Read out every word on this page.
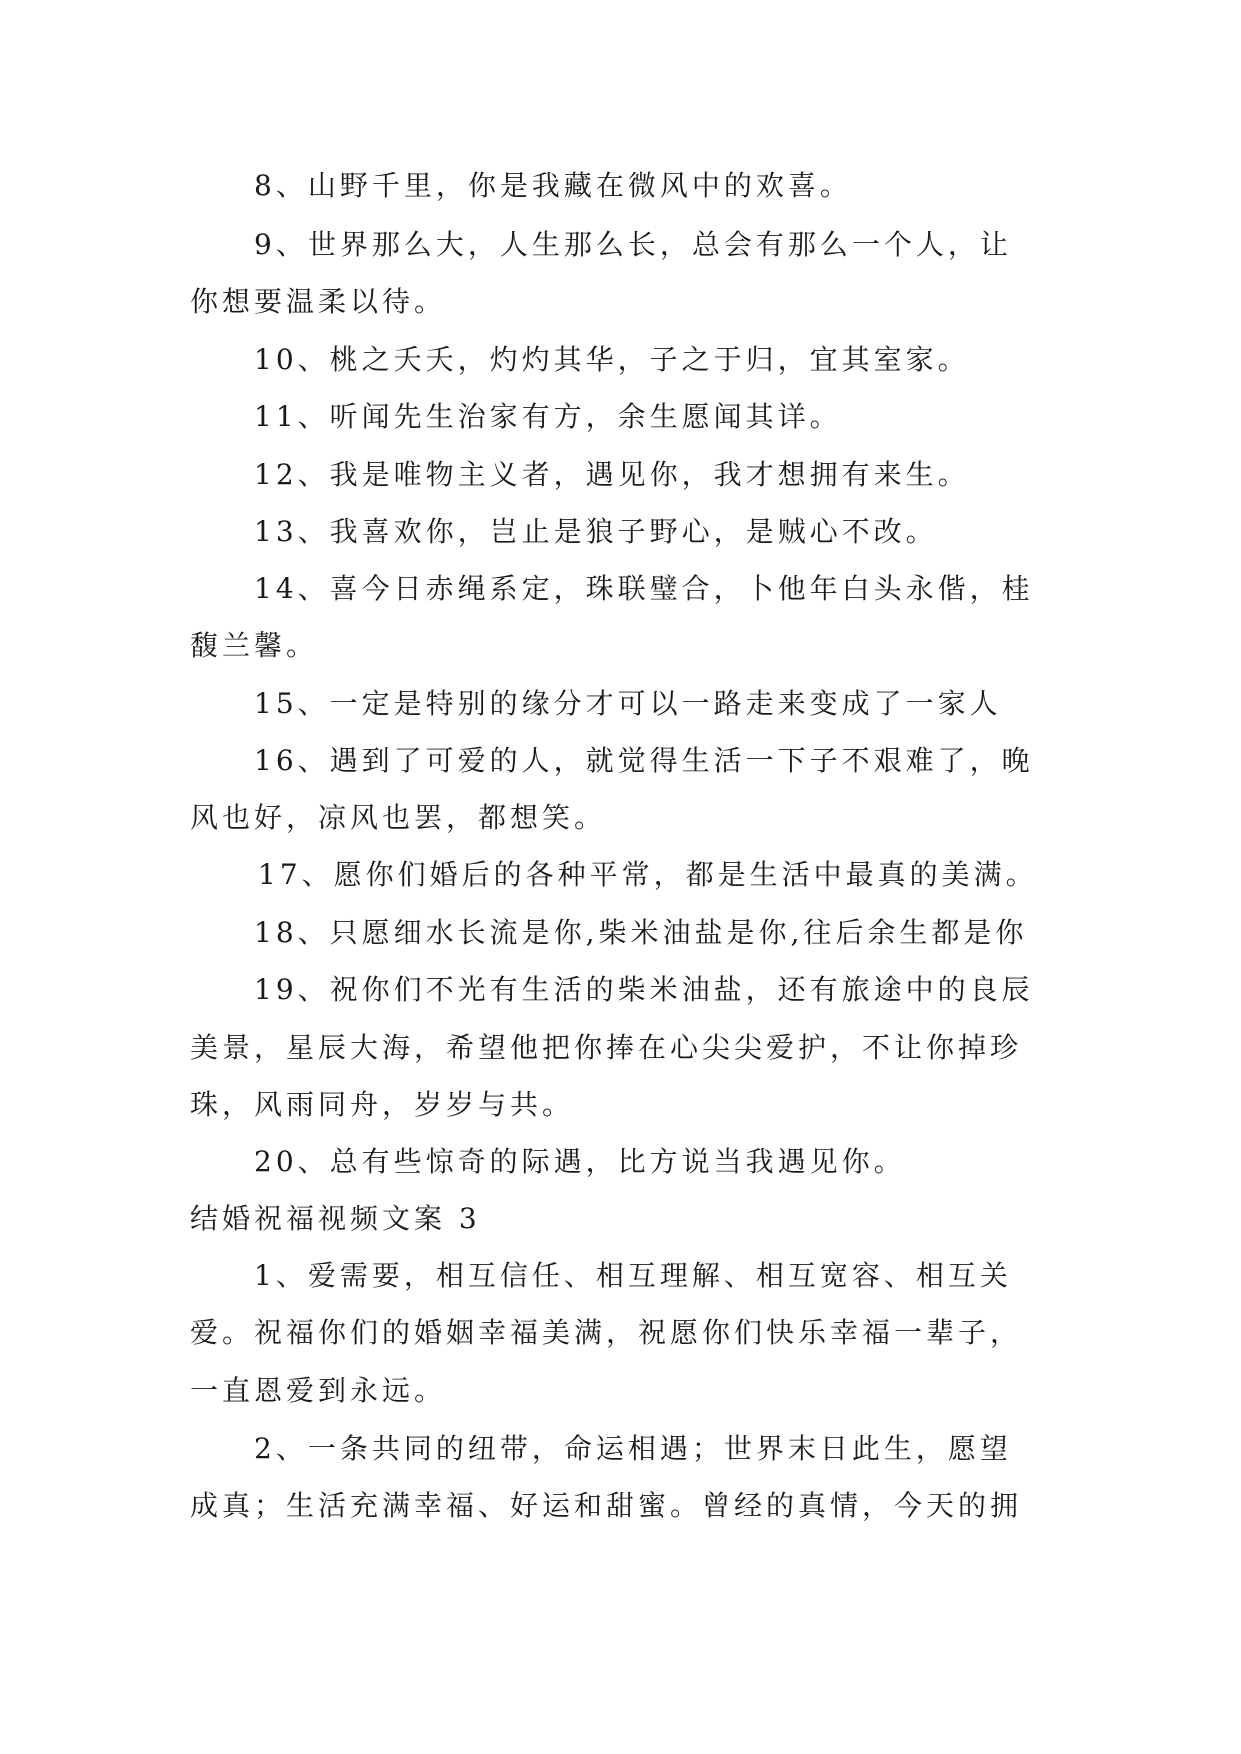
8、山野千里，你是我藏在微风中的欢喜。
9、世界那么大，人生那么长，总会有那么一个人，让
你想要温柔以待。
10、桃之夭夭，灼灼其华，子之于归，宜其室家。
11、听闻先生治家有方，余生愿闻其详。
12、我是唯物主义者，遇见你，我才想拥有来生。
13、我喜欢你，岂止是狼子野心，是贼心不改。
14、喜今日赤绳系定，珠联璧合，卜他年白头永偕，桂
馥兰馨。
15、一定是特别的缘分才可以一路走来变成了一家人
16、遇到了可爱的人，就觉得生活一下子不艰难了，晚
风也好，凉风也罢，都想笑。
17、愿你们婚后的各种平常，都是生活中最真的美满。
18、只愿细水长流是你,柴米油盐是你,往后余生都是你
19、祝你们不光有生活的柴米油盐，还有旅途中的良辰
美景，星辰大海，希望他把你捧在心尖尖爱护，不让你掉珍
珠，风雨同舟，岁岁与共。
20、总有些惊奇的际遇，比方说当我遇见你。
结婚祝福视频文案 3
1、爱需要，相互信任、相互理解、相互宽容、相互关
爱。祝福你们的婚姻幸福美满，祝愿你们快乐幸福一辈子，
一直恩爱到永远。
2、一条共同的纽带，命运相遇；世界末日此生，愿望
成真；生活充满幸福、好运和甜蜜。曾经的真情，今天的拥
